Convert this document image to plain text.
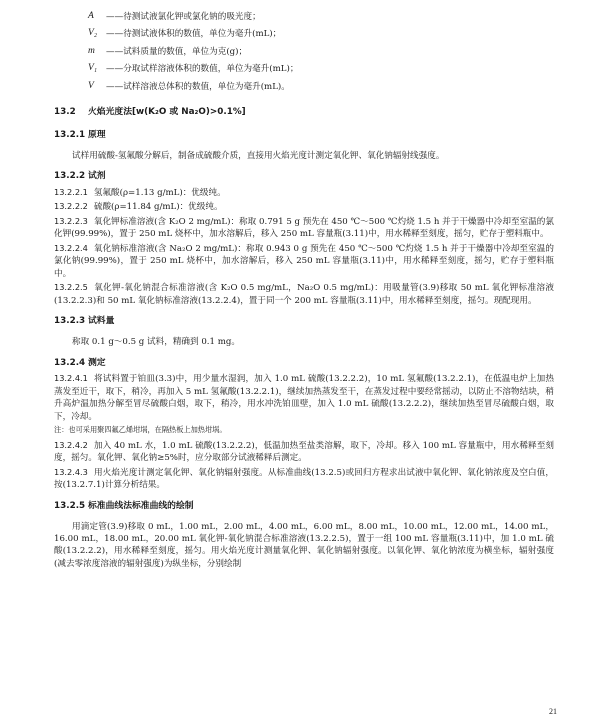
A	——待测试液氯化钾或氯化钠的吸光度；
V₂	——待测试液体积的数值，单位为毫升(mL)；
m	——试料质量的数值，单位为克(g)；
V₁	——分取试样溶液体积的数值，单位为毫升(mL)；
V	——试样溶液总体积的数值，单位为毫升(mL)。
13.2	火焰光度法[w(K₂O 或 Na₂O)>0.1%]
13.2.1 原理

试样用硫酸-氢氟酸分解后，制备成硫酸介质，直接用火焰光度计测定氧化钾、氧化钠辐射线强度。

13.2.2 试剂

13.2.2.1 氢氟酸(ρ=1.13 g/mL)：优级纯。

13.2.2.2 硫酸(ρ=11.84 g/mL)：优级纯。

13.2.2.3 氧化钾标准溶液(含 K₂O 2 mg/mL)：称取 0.791 5 g 预先在 450 ℃～500 ℃灼烧 1.5 h 并于干燥器中冷却至室温的氯化钾(99.99%)，置于 250 mL 烧杯中，加水溶解后，移入 250 mL 容量瓶(3.11)中，用水稀释至刻度，摇匀，贮存于塑料瓶中。

13.2.2.4 氧化钠标准溶液(含 Na₂O 2 mg/mL)：称取 0.943 0 g 预先在 450 ℃～500 ℃灼烧 1.5 h 并于干燥器中冷却至室温的氯化钠(99.99%)，置于 250 mL 烧杯中，加水溶解后，移入 250 mL 容量瓶(3.11)中，用水稀释至刻度，摇匀，贮存于塑料瓶中。

13.2.2.5 氧化钾-氧化钠混合标准溶液(含 K₂O 0.5 mg/mL，Na₂O 0.5 mg/mL)：用吸量管(3.9)移取 50 mL 氧化钾标准溶液(13.2.2.3)和 50 mL 氧化钠标准溶液(13.2.2.4)，置于同一个 200 mL 容量瓶(3.11)中，用水稀释至刻度，摇匀。现配现用。

13.2.3 试料量

称取 0.1 g～0.5 g 试料，精确到 0.1 mg。

13.2.4 测定

13.2.4.1 将试料置于铂皿(3.3)中，用少量水湿润，加入 1.0 mL 硫酸(13.2.2.2)，10 mL 氢氟酸(13.2.2.1)，在低温电炉上加热蒸发至近干，取下，稍冷，再加入 5 mL 氢氟酸(13.2.2.1)，继续加热蒸发至干，在蒸发过程中要经常摇动，以防止不溶物结块，稍升高炉温加热分解至冒尽硫酸白烟，取下，稍冷，用水冲洗铂皿壁，加入 1.0 mL 硫酸(13.2.2.2)，继续加热至冒尽硫酸白烟，取下，冷却。

注：也可采用聚四氟乙烯坩埚，在隔热板上加热坩埚。

13.2.4.2 加入 40 mL 水，1.0 mL 硫酸(13.2.2.2)，低温加热至盐类溶解，取下，冷却。移入 100 mL 容量瓶中，用水稀释至刻度，摇匀。氧化钾、氧化钠≥5%时，应分取部分试液稀释后测定。

13.2.4.3 用火焰光度计测定氧化钾、氧化钠辐射强度。从标准曲线(13.2.5)或回归方程求出试液中氧化钾、氧化钠浓度及空白值，按(13.2.7.1)计算分析结果。

13.2.5 标准曲线法标准曲线的绘制

用滴定管(3.9)移取 0 mL，1.00 mL，2.00 mL，4.00 mL，6.00 mL，8.00 mL，10.00 mL，12.00 mL，14.00 mL，16.00 mL，18.00 mL，20.00 mL 氧化钾-氧化钠混合标准溶液(13.2.2.5)，置于一组 100 mL 容量瓶(3.11)中，加 1.0 mL 硫酸(13.2.2.2)，用水稀释至刻度，摇匀。用火焰光度计测量氧化钾、氧化钠辐射强度。以氧化钾、氧化钠浓度为横坐标，辐射强度(减去零浓度溶液的辐射强度)为纵坐标，分别绘制

21
